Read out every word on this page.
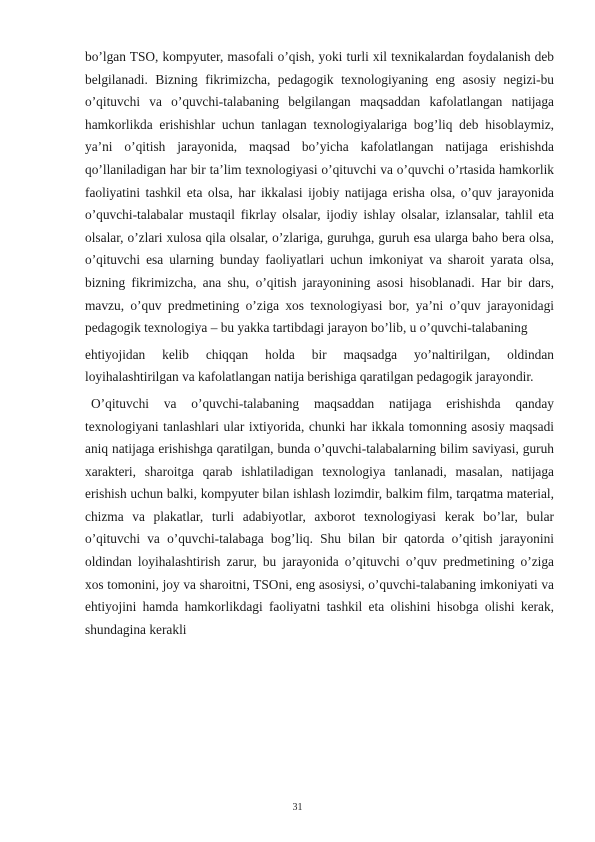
bo’lgan TSO, kompyuter, masofali o’qish, yoki turli xil texnikalardan foydalanish deb belgilanadi. Bizning fikrimizcha, pedagogik texnologiyaning eng asosiy negizi-bu o’qituvchi va o’quvchi-talabaning belgilangan maqsaddan kafolatlangan natijaga hamkorlikda erishishlar uchun tanlagan texnologiyalariga bog’liq deb hisoblaymiz, ya’ni o’qitish jarayonida, maqsad bo’yicha kafolatlangan natijaga erishishda qo’llaniladigan har bir ta’lim texnologiyasi o’qituvchi va o’quvchi o’rtasida hamkorlik faoliyatini tashkil eta olsa, har ikkalasi ijobiy natijaga erisha olsa, o’quv jarayonida o’quvchi-talabalar mustaqil fikrlay olsalar, ijodiy ishlay olsalar, izlansalar, tahlil eta olsalar, o’zlari xulosa qila olsalar, o’zlariga, guruhga, guruh esa ularga baho bera olsa, o’qituvchi esa ularning bunday faoliyatlari uchun imkoniyat va sharoit yarata olsa, bizning fikrimizcha, ana shu, o’qitish jarayonining asosi hisoblanadi. Har bir dars, mavzu, o’quv predmetining o’ziga xos texnologiyasi bor, ya’ni o’quv jarayonidagi pedagogik texnologiya – bu yakka tartibdagi jarayon bo’lib, u o’quvchi-talabaning

ehtiyojidan kelib chiqqan holda bir maqsadga yo’naltirilgan, oldindan loyihalashtirilgan va kafolatlangan natija berishiga qaratilgan pedagogik jarayondir.

O’qituvchi va o’quvchi-talabaning maqsaddan natijaga erishishda qanday texnologiyani tanlashlari ular ixtiyorida, chunki har ikkala tomonning asosiy maqsadi aniq natijaga erishishga qaratilgan, bunda o’quvchi-talabalarning bilim saviyasi, guruh xarakteri, sharoitga qarab ishlatiladigan texnologiya tanlanadi, masalan, natijaga erishish uchun balki, kompyuter bilan ishlash lozimdir, balkim film, tarqatma material, chizma va plakatlar, turli adabiyotlar, axborot texnologiyasi kerak bo’lar, bular o’qituvchi va o’quvchi-talabaga bog’liq. Shu bilan bir qatorda o’qitish jarayonini oldindan loyihalashtirish zarur, bu jarayonida o’qituvchi o’quv predmetining o’ziga xos tomonini, joy va sharoitni, TSOni, eng asosiysi, o’quvchi-talabaning imkoniyati va ehtiyojini hamda hamkorlikdagi faoliyatni tashkil eta olishini hisobga olishi kerak, shundagina kerakli

31
